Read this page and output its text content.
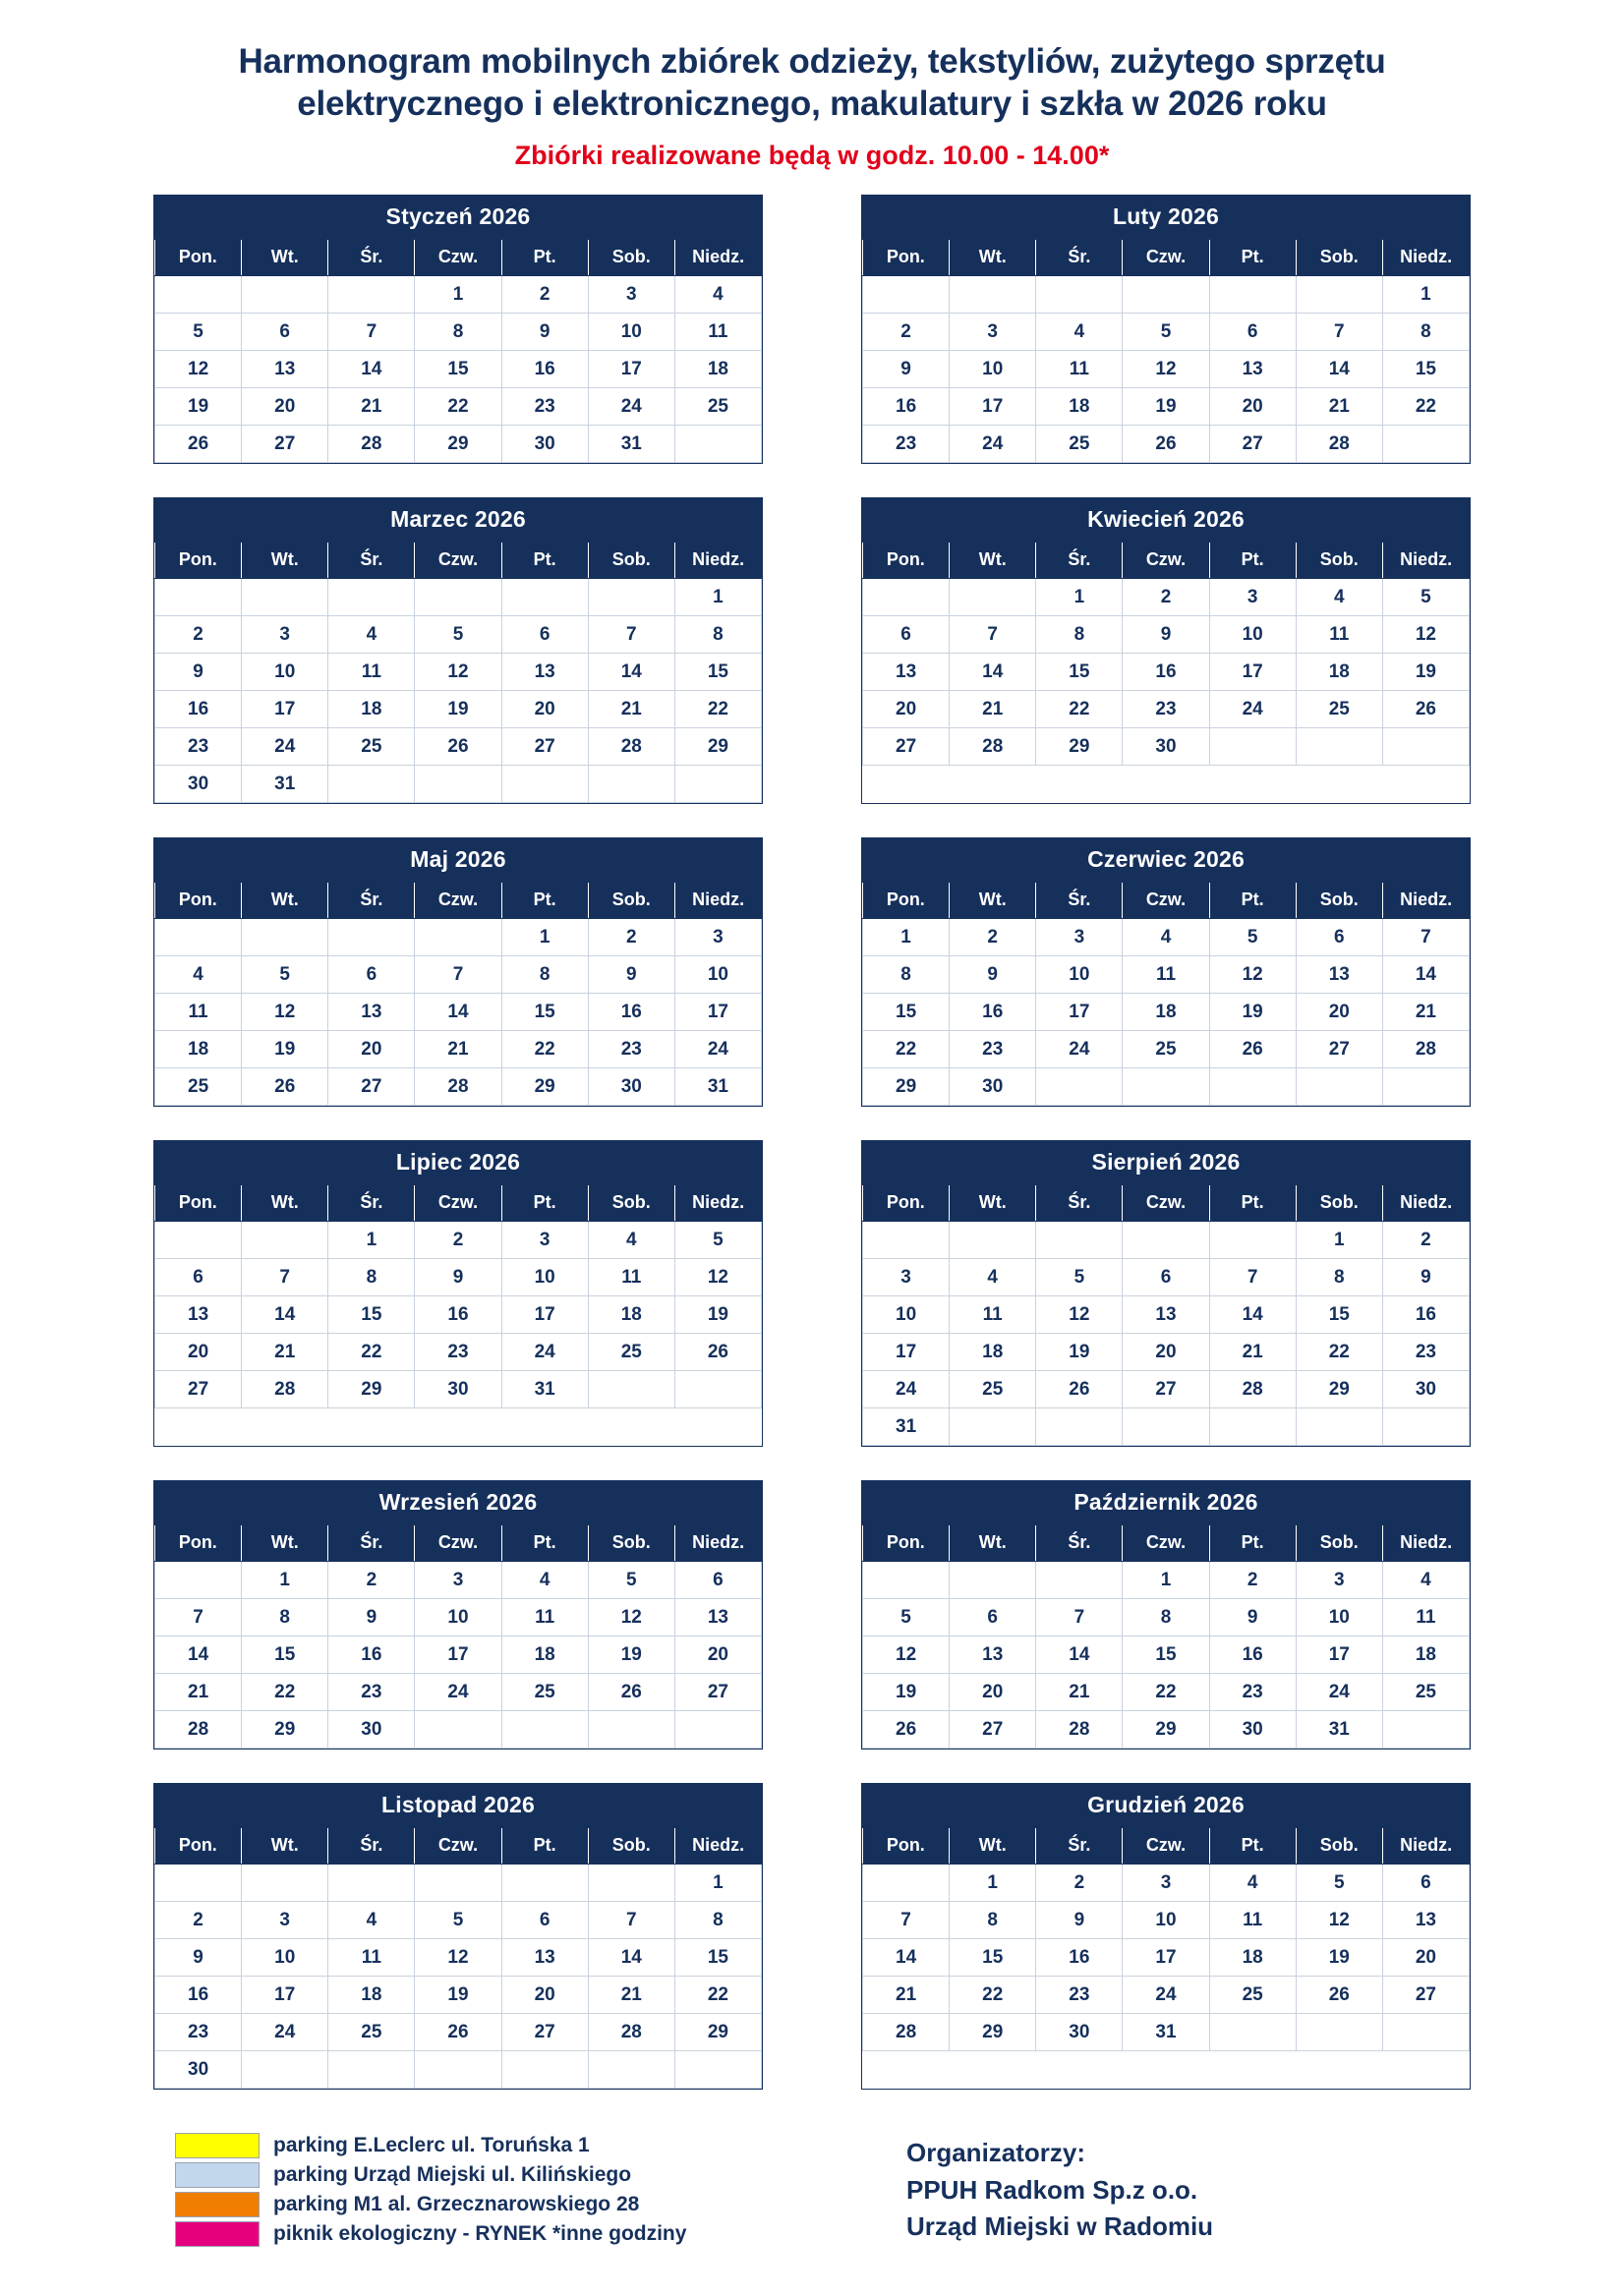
Harmonogram mobilnych zbiórek odzieży, tekstyliów, zużytego sprzętu
elektrycznego i elektronicznego, makulatury i szkła w 2026 roku
Zbiórki realizowane będą w godz. 10.00 - 14.00*
Styczeń 2026
Pon.	Wt.	Śr.	Czw.	Pt.	Sob.	Niedz.
			1	2	3	4
5	6	7	8	9	10	11
12	13	14	15	16	17	18
19	20	21	22	23	24	25
26	27	28	29	30	31	
Luty 2026
Pon.	Wt.	Śr.	Czw.	Pt.	Sob.	Niedz.
						1
2	3	4	5	6	7	8
9	10	11	12	13	14	15
16	17	18	19	20	21	22
23	24	25	26	27	28	
Marzec 2026
Pon.	Wt.	Śr.	Czw.	Pt.	Sob.	Niedz.
						1
2	3	4	5	6	7	8
9	10	11	12	13	14	15
16	17	18	19	20	21	22
23	24	25	26	27	28	29
30	31					
Kwiecień 2026
Pon.	Wt.	Śr.	Czw.	Pt.	Sob.	Niedz.
		1	2	3	4	5
6	7	8	9	10	11	12
13	14	15	16	17	18	19
20	21	22	23	24	25	26
27	28	29	30			
Maj 2026
Pon.	Wt.	Śr.	Czw.	Pt.	Sob.	Niedz.
				1	2	3
4	5	6	7	8	9	10
11	12	13	14	15	16	17
18	19	20	21	22	23	24
25	26	27	28	29	30	31
Czerwiec 2026
Pon.	Wt.	Śr.	Czw.	Pt.	Sob.	Niedz.
1	2	3	4	5	6	7
8	9	10	11	12	13	14
15	16	17	18	19	20	21
22	23	24	25	26	27	28
29	30					
Lipiec 2026
Pon.	Wt.	Śr.	Czw.	Pt.	Sob.	Niedz.
		1	2	3	4	5
6	7	8	9	10	11	12
13	14	15	16	17	18	19
20	21	22	23	24	25	26
27	28	29	30	31		
Sierpień 2026
Pon.	Wt.	Śr.	Czw.	Pt.	Sob.	Niedz.
					1	2
3	4	5	6	7	8	9
10	11	12	13	14	15	16
17	18	19	20	21	22	23
24	25	26	27	28	29	30
31						
Wrzesień 2026
Pon.	Wt.	Śr.	Czw.	Pt.	Sob.	Niedz.
	1	2	3	4	5	6
7	8	9	10	11	12	13
14	15	16	17	18	19	20
21	22	23	24	25	26	27
28	29	30				
Październik 2026
Pon.	Wt.	Śr.	Czw.	Pt.	Sob.	Niedz.
			1	2	3	4
5	6	7	8	9	10	11
12	13	14	15	16	17	18
19	20	21	22	23	24	25
26	27	28	29	30	31	
Listopad 2026
Pon.	Wt.	Śr.	Czw.	Pt.	Sob.	Niedz.
						1
2	3	4	5	6	7	8
9	10	11	12	13	14	15
16	17	18	19	20	21	22
23	24	25	26	27	28	29
30						
Grudzień 2026
Pon.	Wt.	Śr.	Czw.	Pt.	Sob.	Niedz.
	1	2	3	4	5	6
7	8	9	10	11	12	13
14	15	16	17	18	19	20
21	22	23	24	25	26	27
28	29	30	31			
parking E.Leclerc ul. Toruńska 1
parking Urząd Miejski ul. Kilińskiego
parking M1 al. Grzecznarowskiego 28
piknik ekologiczny - RYNEK *inne godziny
Organizatorzy:
PPUH Radkom Sp.z o.o.
Urząd Miejski w Radomiu
